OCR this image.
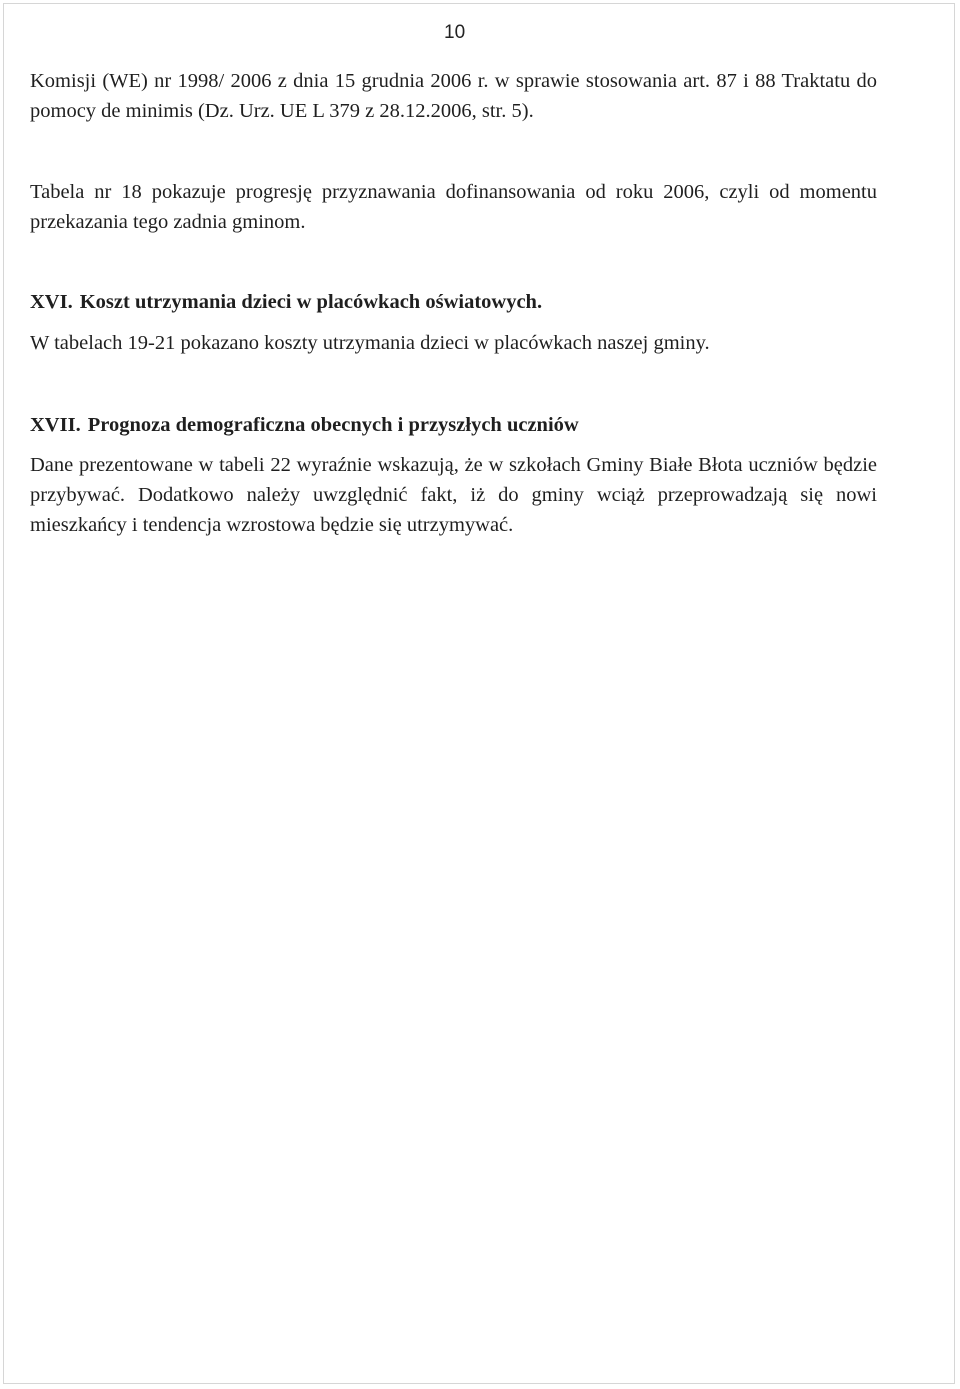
10

Komisji (WE) nr 1998/ 2006 z dnia 15 grudnia 2006 r. w sprawie stosowania art. 87 i 88 Traktatu do pomocy de minimis (Dz. Urz. UE L 379 z 28.12.2006, str. 5).

Tabela nr 18 pokazuje progresję przyznawania dofinansowania od roku 2006, czyli od momentu przekazania tego zadnia gminom.

XVI. Koszt utrzymania dzieci w placówkach oświatowych.

W tabelach 19-21 pokazano koszty utrzymania dzieci w placówkach naszej gminy.

XVII. Prognoza demograficzna obecnych i przyszłych uczniów

Dane prezentowane w tabeli 22 wyraźnie wskazują, że w szkołach Gminy Białe Błota uczniów będzie przybywać. Dodatkowo należy uwzględnić fakt, iż do gminy wciąż przeprowadzają się nowi mieszkańcy i tendencja wzrostowa będzie się utrzymywać.
